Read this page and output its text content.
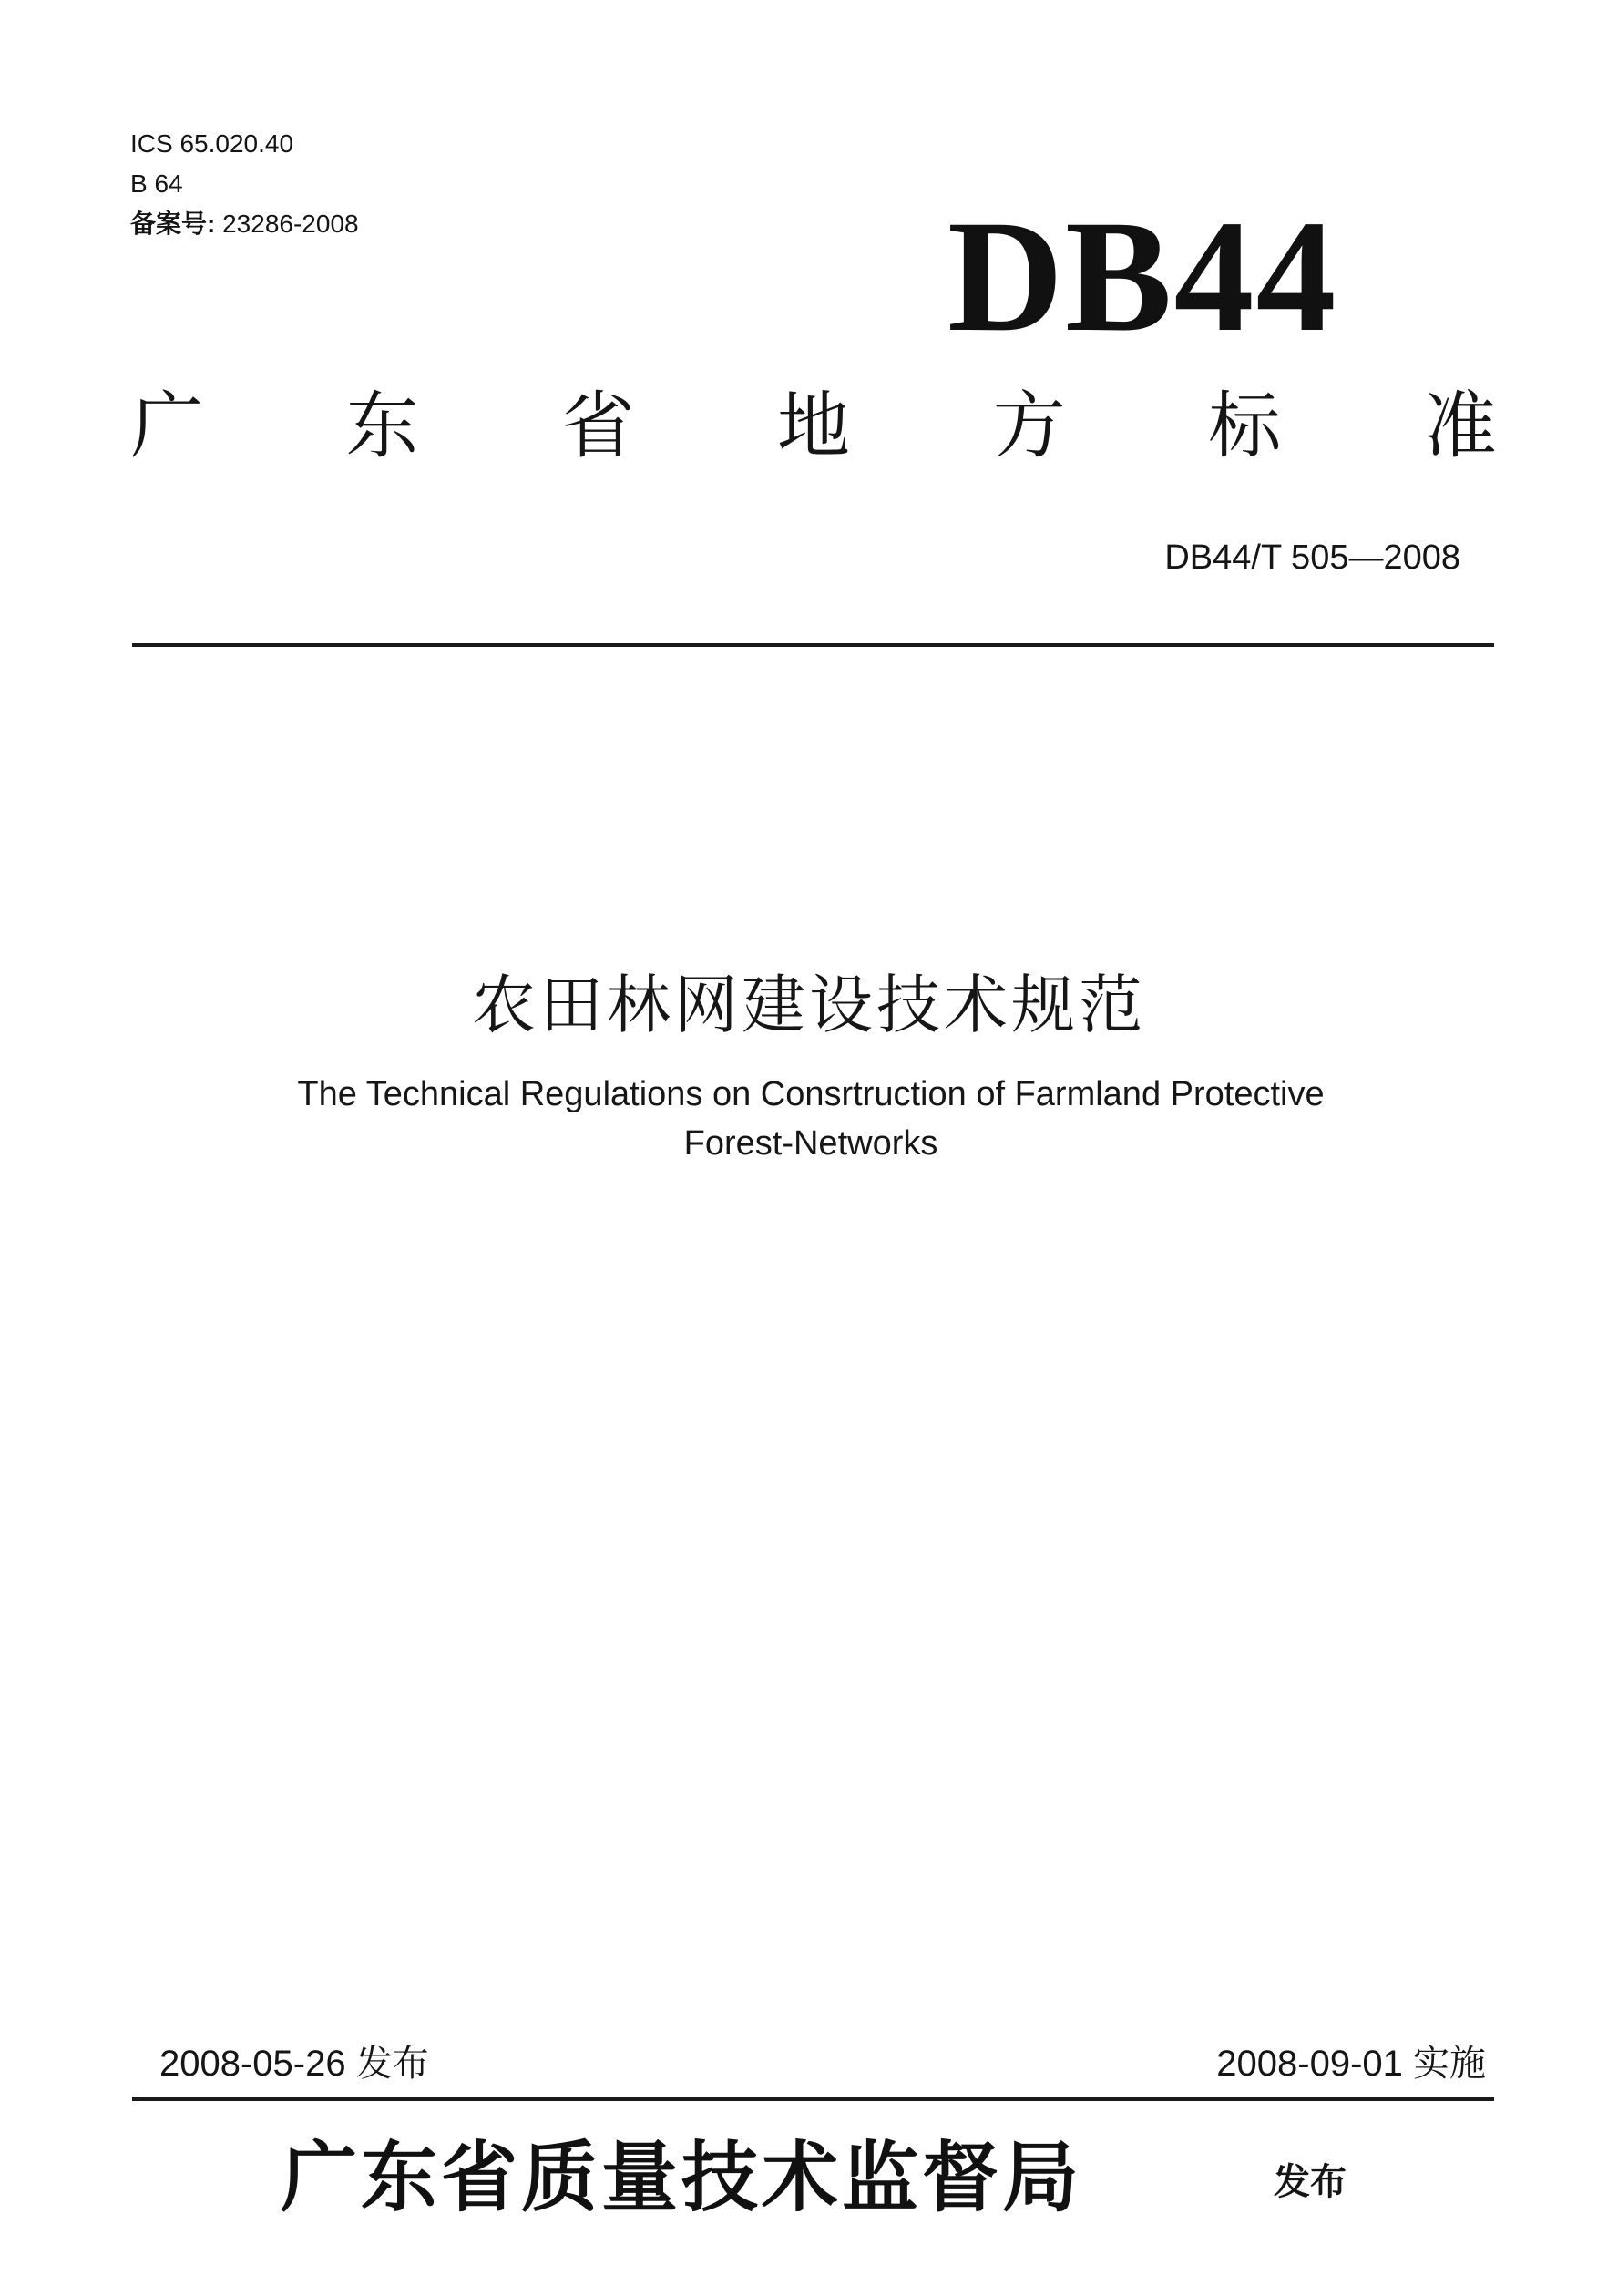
ICS 65.020.40
B 64
备案号: 23286-2008	DB44
广 东 省 地 方 标 准
DB44/T 505—2008
农田林网建设技术规范
The Technical Regulations on Consrtruction of Farmland Protective
Forest-Networks
2008-05-26 发布	2008-09-01 实施
广东省质量技术监督局	发布
